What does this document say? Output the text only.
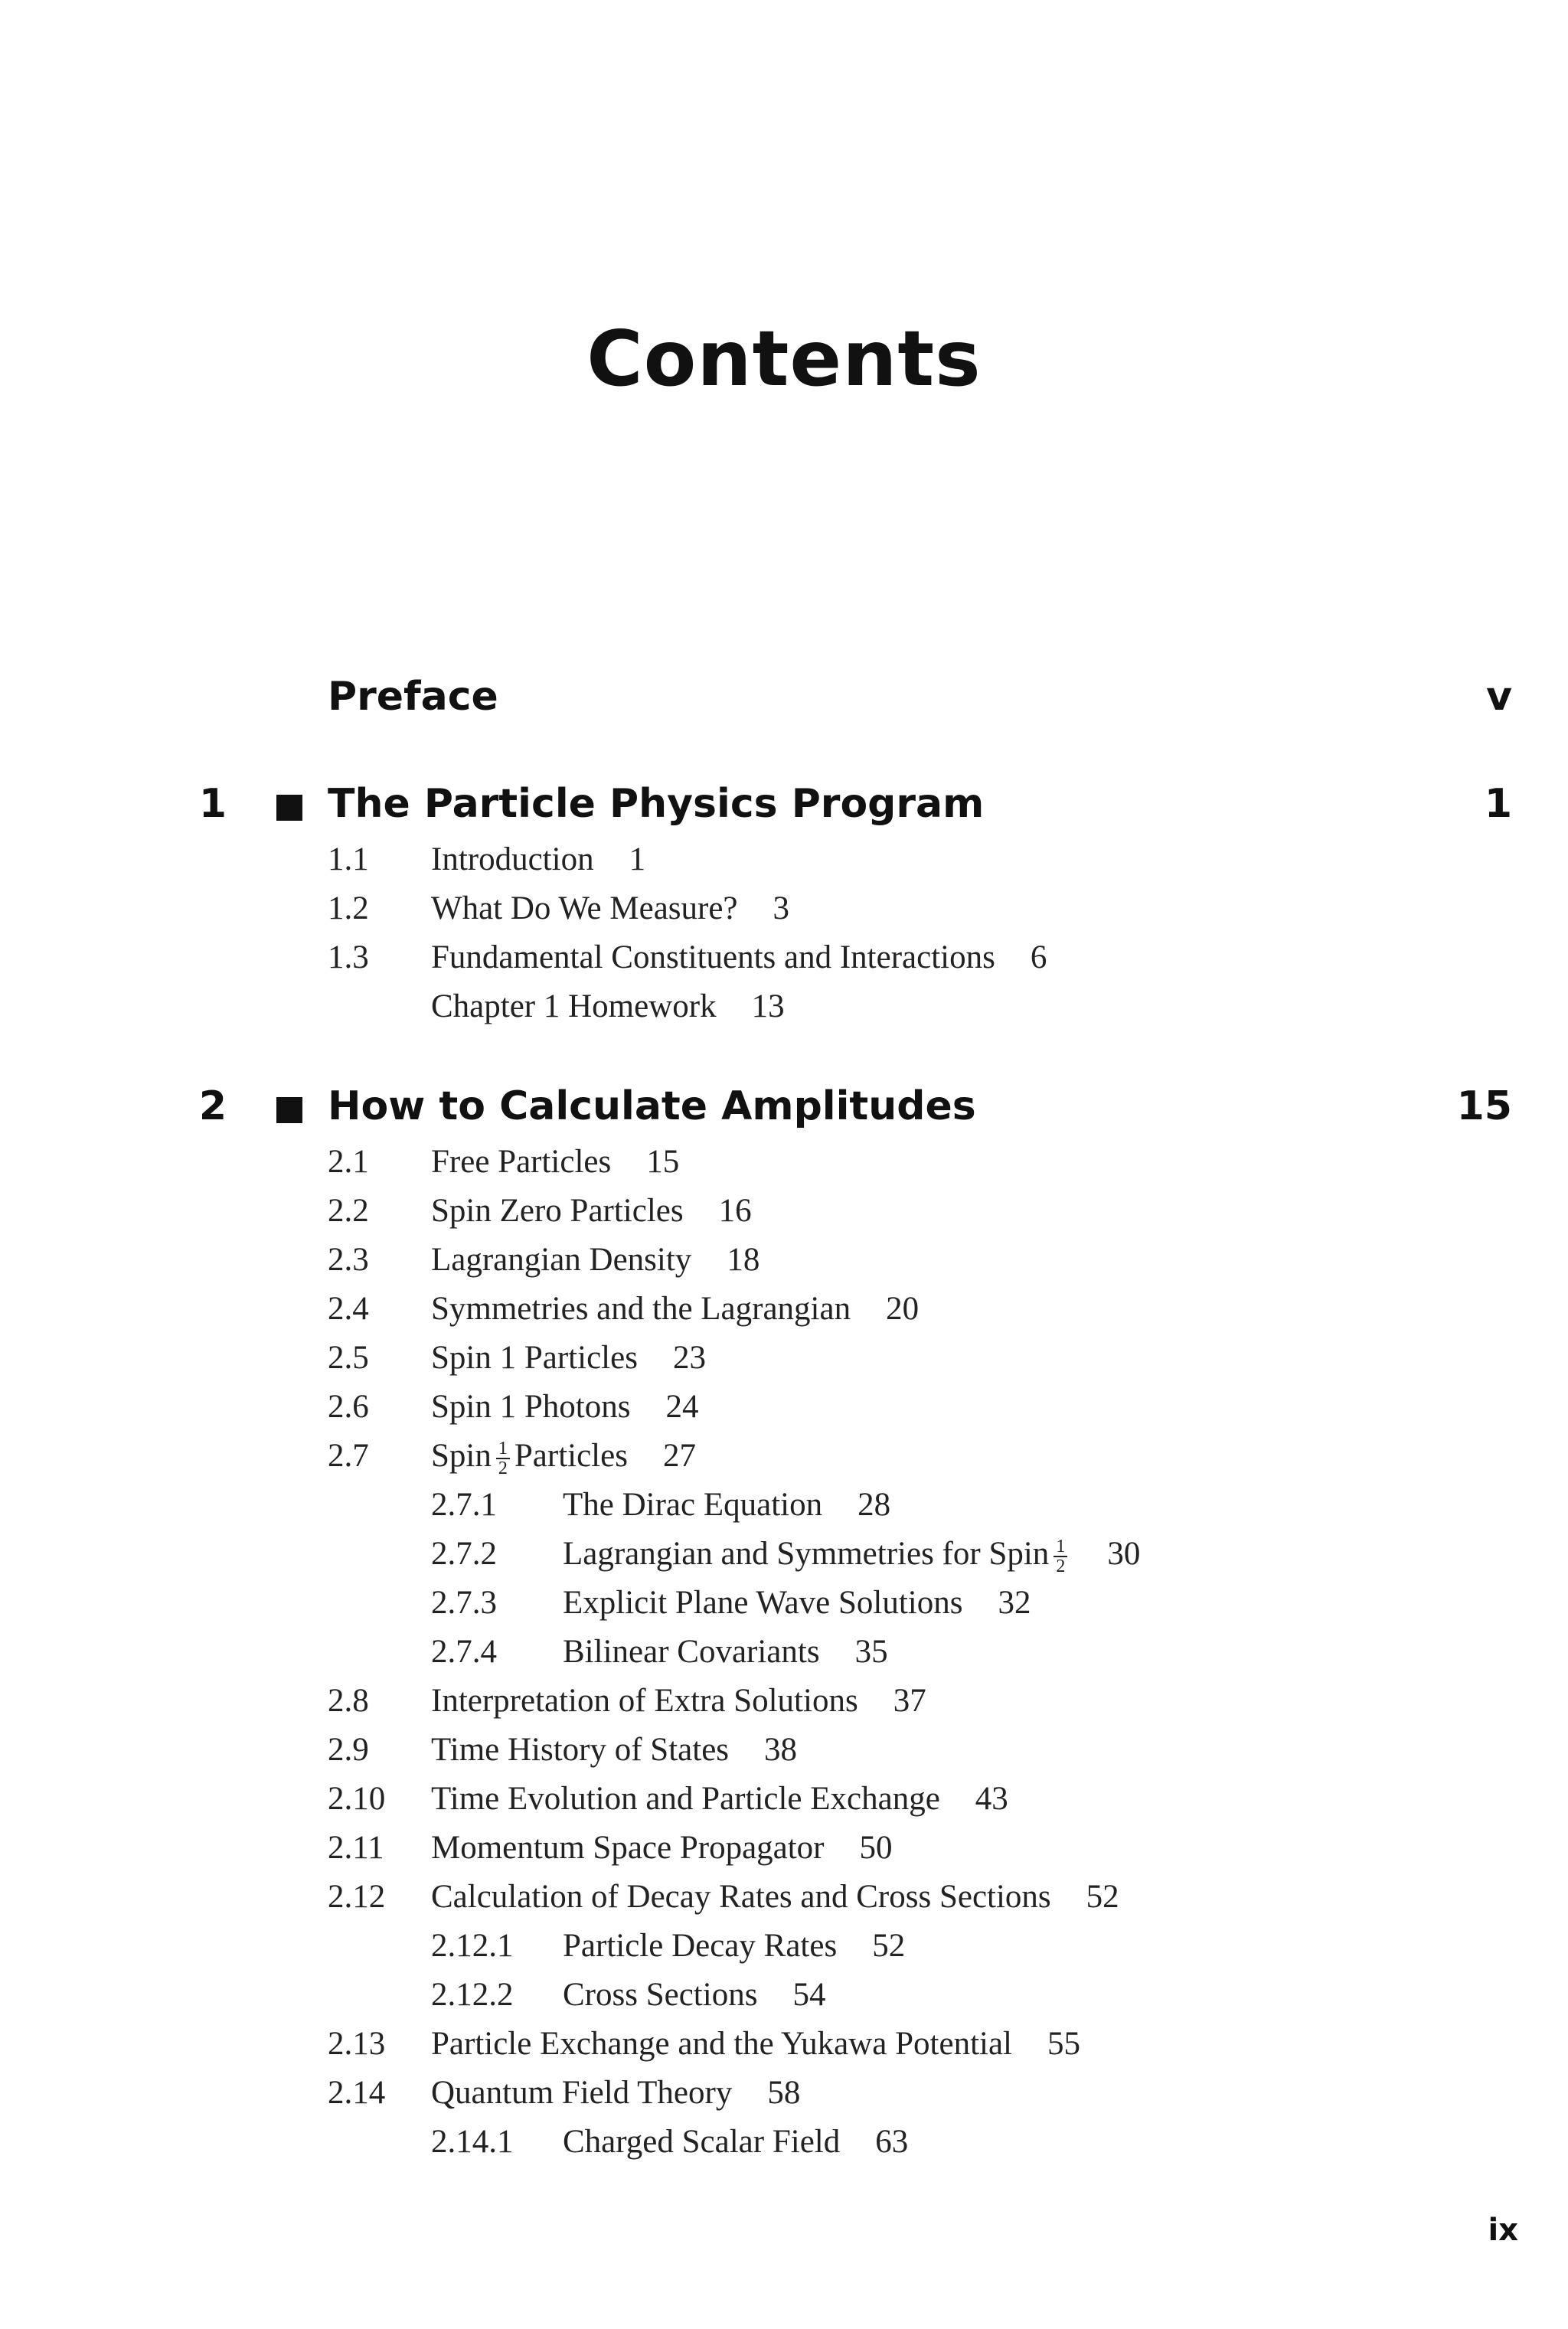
Contents
Preface	v
1	The Particle Physics Program	1
1.1 Introduction 1
1.2 What Do We Measure? 3
1.3 Fundamental Constituents and Interactions 6
Chapter 1 Homework 13
2	How to Calculate Amplitudes	15
2.1 Free Particles 15
2.2 Spin Zero Particles 16
2.3 Lagrangian Density 18
2.4 Symmetries and the Lagrangian 20
2.5 Spin 1 Particles 23
2.6 Spin 1 Photons 24
2.7 Spin $\frac{1}{2}$ Particles 27
2.7.1 The Dirac Equation 28
2.7.2 Lagrangian and Symmetries for Spin $\frac{1}{2} 30$
2.7.3 Explicit Plane Wave Solutions 32
2.7.4 Bilinear Covariants 35
2.8 Interpretation of Extra Solutions 37
2.9 Time History of States 38
2.10 Time Evolution and Particle Exchange 43
2.11 Momentum Space Propagator 50
2.12 Calculation of Decay Rates and Cross Sections 52
2.12.1 Particle Decay Rates 52
2.12.2 Cross Sections 54
2.13 Particle Exchange and the Yukawa Potential 55
2.14 Quantum Field Theory 58
2.14.1 Charged Scalar Field 63
ix
